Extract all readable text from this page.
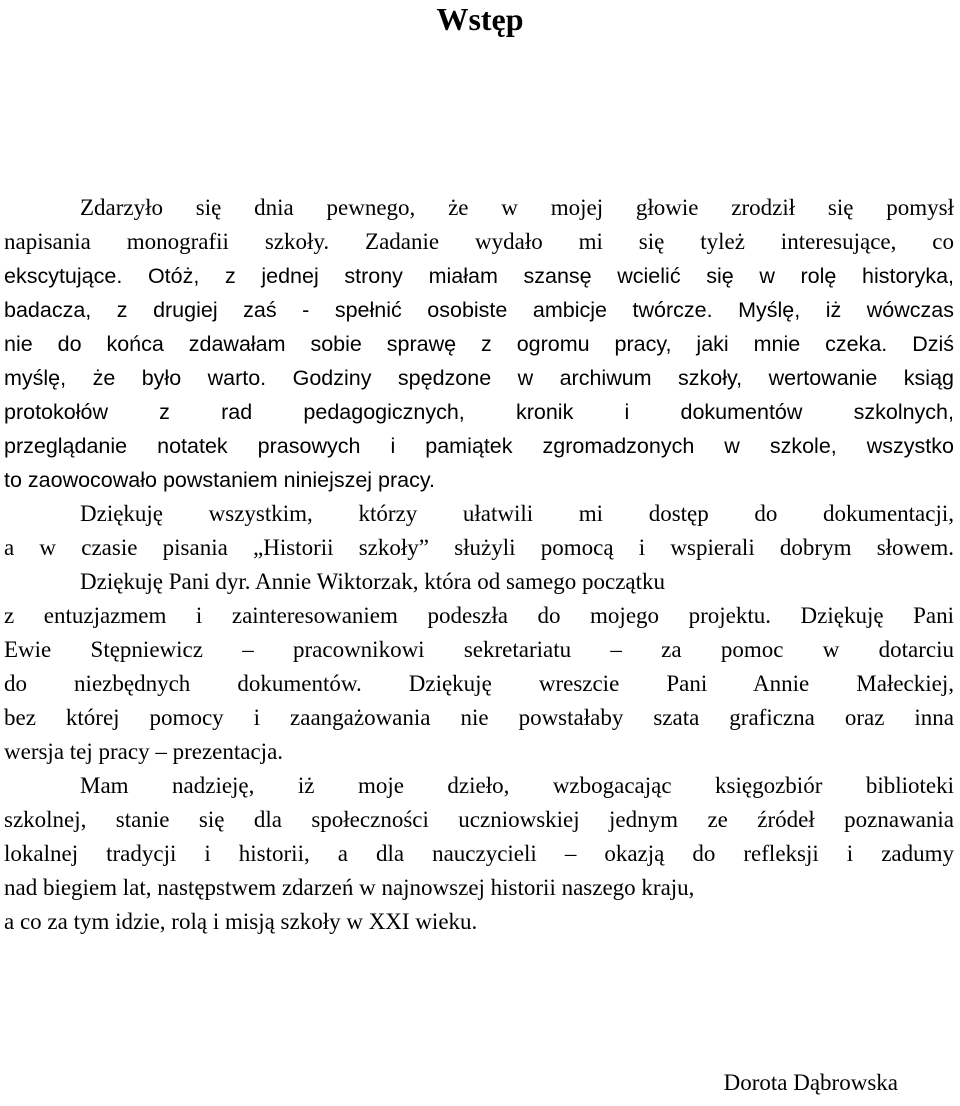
Wstęp
Zdarzyło się dnia pewnego, że w mojej głowie zrodził się pomysł
napisania monografii szkoły. Zadanie wydało mi się tyleż interesujące, co
ekscytujące. Otóż, z jednej strony miałam szansę wcielić się w rolę historyka,
badacza, z drugiej zaś - spełnić osobiste ambicje twórcze. Myślę, iż wówczas
nie do końca zdawałam sobie sprawę z ogromu pracy, jaki mnie czeka. Dziś
myślę, że było warto. Godziny spędzone w archiwum szkoły, wertowanie ksiąg
protokołów z rad pedagogicznych, kronik i dokumentów szkolnych,
przeglądanie notatek prasowych i pamiątek zgromadzonych w szkole, wszystko
to zaowocowało powstaniem niniejszej pracy.
Dziękuję wszystkim, którzy ułatwili mi dostęp do dokumentacji,
a w czasie pisania „Historii szkoły” służyli pomocą i wspierali dobrym słowem.
Dziękuję Pani dyr. Annie Wiktorzak, która od samego początku
z entuzjazmem i zainteresowaniem podeszła do mojego projektu. Dziękuję Pani
Ewie Stępniewicz – pracownikowi sekretariatu – za pomoc w dotarciu
do niezbędnych dokumentów. Dziękuję wreszcie Pani Annie Małeckiej,
bez której pomocy i zaangażowania nie powstałaby szata graficzna oraz inna
wersja tej pracy – prezentacja.
Mam nadzieję, iż moje dzieło, wzbogacając księgozbiór biblioteki
szkolnej, stanie się dla społeczności uczniowskiej jednym ze źródeł poznawania
lokalnej tradycji i historii, a dla nauczycieli – okazją do refleksji i zadumy
nad biegiem lat, następstwem zdarzeń w najnowszej historii naszego kraju,
a co za tym idzie, rolą i misją szkoły w XXI wieku.
Dorota Dąbrowska
